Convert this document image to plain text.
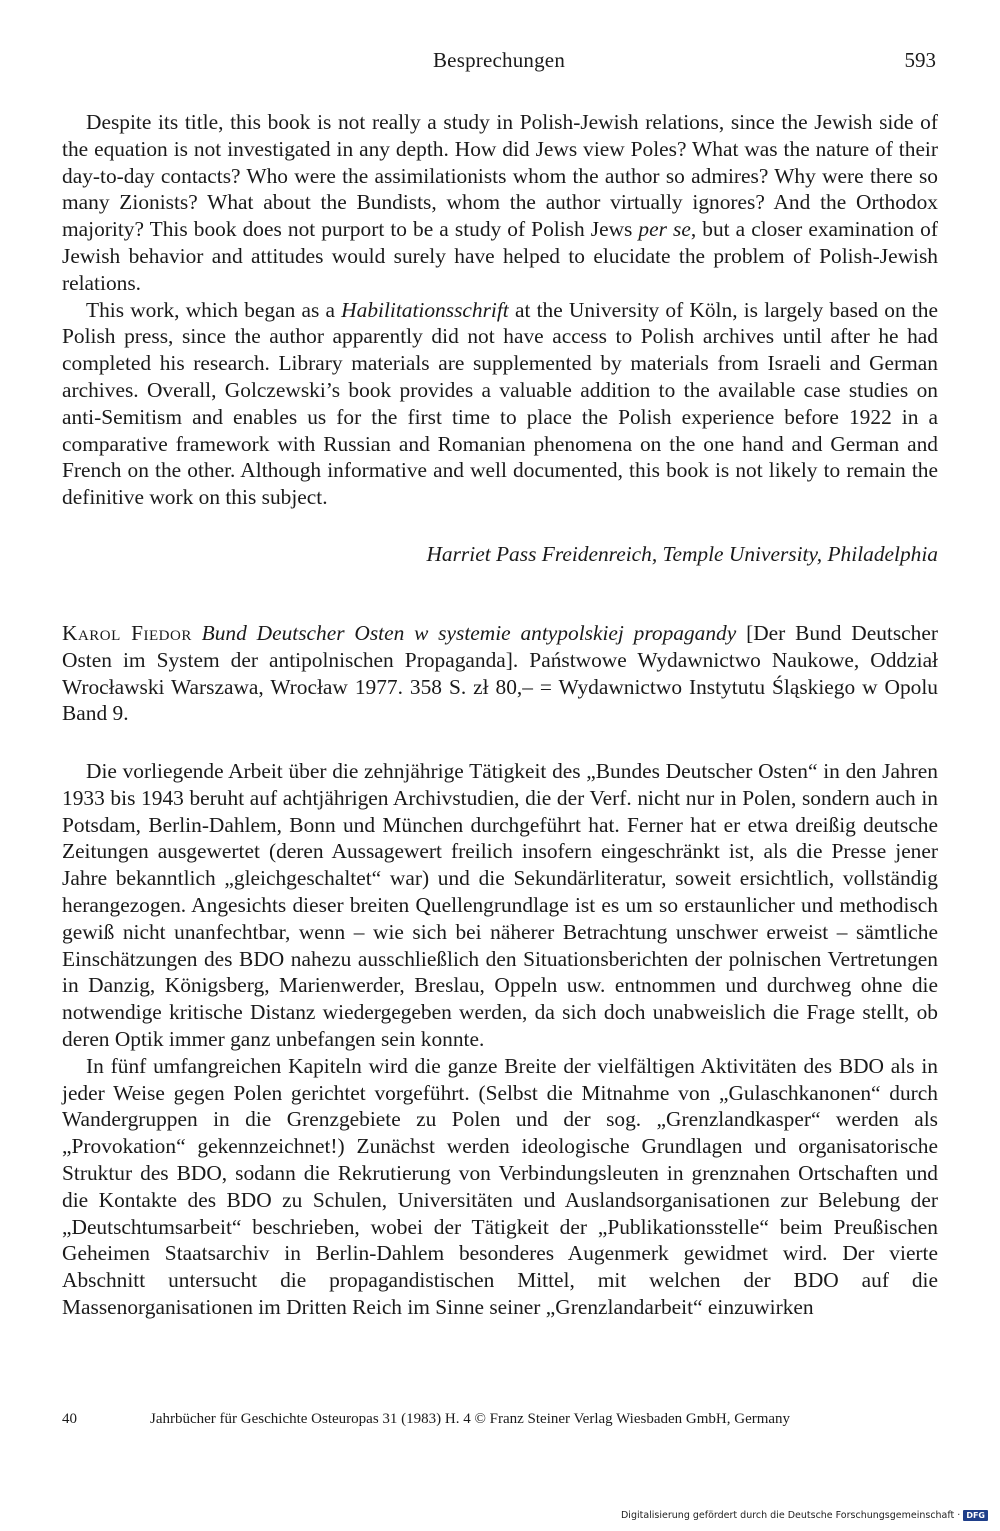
Besprechungen	593

Despite its title, this book is not really a study in Polish-Jewish relations, since the Jewish side of the equation is not investigated in any depth. How did Jews view Poles? What was the nature of their day-to-day contacts? Who were the assimilationists whom the author so admires? Why were there so many Zionists? What about the Bundists, whom the author virtually ignores? And the Orthodox majority? This book does not purport to be a study of Polish Jews per se, but a closer examination of Jewish behavior and attitudes would surely have helped to elucidate the problem of Polish-Jewish relations.

This work, which began as a Habilitationsschrift at the University of Köln, is largely based on the Polish press, since the author apparently did not have access to Polish archives until after he had completed his research. Library materials are supplemented by materials from Israeli and German archives. Overall, Golczewski’s book provides a valuable addition to the available case studies on anti-Semitism and enables us for the first time to place the Polish experience before 1922 in a comparative framework with Russian and Romanian phenomena on the one hand and German and French on the other. Although informative and well documented, this book is not likely to remain the definitive work on this subject.

Harriet Pass Freidenreich, Temple University, Philadelphia
Karol Fiedor Bund Deutscher Osten w systemie antypolskiej propagandy [Der Bund Deutscher Osten im System der antipolnischen Propaganda]. Państwowe Wydawnictwo Naukowe, Oddział Wrocławski Warszawa, Wrocław 1977. 358 S. zł 80,– = Wydawnictwo Instytutu Śląskiego w Opolu Band 9.

Die vorliegende Arbeit über die zehnjährige Tätigkeit des „Bundes Deutscher Osten“ in den Jahren 1933 bis 1943 beruht auf achtjährigen Archivstudien, die der Verf. nicht nur in Polen, sondern auch in Potsdam, Berlin-Dahlem, Bonn und München durchgeführt hat. Ferner hat er etwa dreißig deutsche Zeitungen ausgewertet (deren Aussagewert freilich insofern eingeschränkt ist, als die Presse jener Jahre bekanntlich „gleichgeschaltet“ war) und die Sekundärliteratur, soweit ersichtlich, vollständig herangezogen. Angesichts dieser breiten Quellengrundlage ist es um so erstaunlicher und methodisch gewiß nicht unanfechtbar, wenn – wie sich bei näherer Betrachtung unschwer erweist – sämtliche Einschätzungen des BDO nahezu ausschließlich den Situationsberichten der polnischen Vertretungen in Danzig, Königsberg, Marienwerder, Breslau, Oppeln usw. entnommen und durchweg ohne die notwendige kritische Distanz wiedergegeben werden, da sich doch unabweislich die Frage stellt, ob deren Optik immer ganz unbefangen sein konnte.

In fünf umfangreichen Kapiteln wird die ganze Breite der vielfältigen Aktivitäten des BDO als in jeder Weise gegen Polen gerichtet vorgeführt. (Selbst die Mitnahme von „Gulaschkanonen“ durch Wandergruppen in die Grenzgebiete zu Polen und der sog. „Grenzlandkasper“ werden als „Provokation“ gekennzeichnet!) Zunächst werden ideologische Grundlagen und organisatorische Struktur des BDO, sodann die Rekrutierung von Verbindungsleuten in grenznahen Ortschaften und die Kontakte des BDO zu Schulen, Universitäten und Auslandsorganisationen zur Belebung der „Deutschtumsarbeit“ beschrieben, wobei der Tätigkeit der „Publikationsstelle“ beim Preußischen Geheimen Staatsarchiv in Berlin-Dahlem besonderes Augenmerk gewidmet wird. Der vierte Abschnitt untersucht die propagandistischen Mittel, mit welchen der BDO auf die Massenorganisationen im Dritten Reich im Sinne seiner „Grenzlandarbeit“ einzuwirken

40	Jahrbücher für Geschichte Osteuropas 31 (1983) H. 4 © Franz Steiner Verlag Wiesbaden GmbH, Germany
Digitalisierung gefördert durch die Deutsche Forschungsgemeinschaft · DFG
